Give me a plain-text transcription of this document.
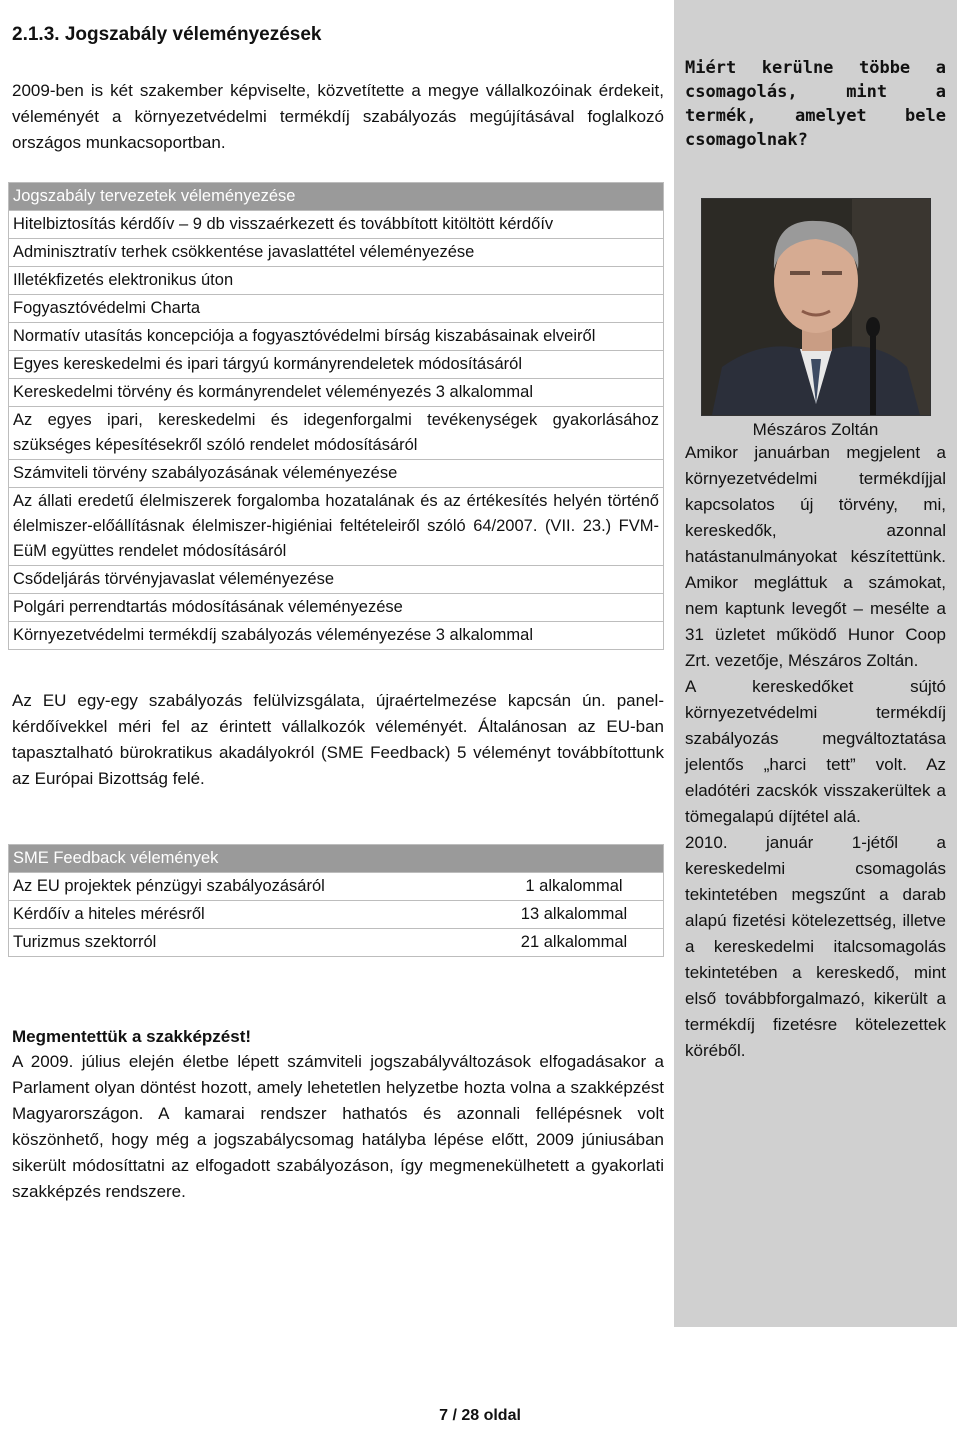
2.1.3. Jogszabály véleményezések

2009-ben is két szakember képviselte, közvetítette a megye vállalkozóinak érdekeit, véleményét a környezetvédelmi termékdíj szabályozás megújításával foglalkozó országos munkacsoportban.

Jogszabály tervezetek véleményezése
Hitelbiztosítás kérdőív – 9 db visszaérkezett és továbbított kitöltött kérdőív
Adminisztratív terhek csökkentése javaslattétel véleményezése
Illetékfizetés elektronikus úton
Fogyasztóvédelmi Charta
Normatív utasítás koncepciója a fogyasztóvédelmi bírság kiszabásainak elveiről
Egyes kereskedelmi és ipari tárgyú kormányrendeletek módosításáról
Kereskedelmi törvény és kormányrendelet véleményezés 3 alkalommal
Az egyes ipari, kereskedelmi és idegenforgalmi tevékenységek gyakorlásához szükséges képesítésekről szóló rendelet módosításáról
Számviteli törvény szabályozásának véleményezése
Az állati eredetű élelmiszerek forgalomba hozatalának és az értékesítés helyén történő élelmiszer-előállításnak élelmiszer-higiéniai feltételeiről szóló 64/2007. (VII. 23.) FVM-EüM együttes rendelet módosításáról
Csődeljárás törvényjavaslat véleményezése
Polgári perrendtartás módosításának véleményezése
Környezetvédelmi termékdíj szabályozás véleményezése 3 alkalommal

Az EU egy-egy szabályozás felülvizsgálata, újraértelmezése kapcsán ún. panel-kérdőívekkel méri fel az érintett vállalkozók véleményét. Általánosan az EU-ban tapasztalható bürokratikus akadályokról (SME Feedback) 5 véleményt továbbítottunk az Európai Bizottság felé.

SME Feedback vélemények	
Az EU projektek pénzügyi szabályozásáról	1 alkalommal
Kérdőív a hiteles mérésről	13 alkalommal
Turizmus szektorról	21 alkalommal
Megmentettük a szakképzést!

A 2009. július elején életbe lépett számviteli jogszabályváltozások elfogadásakor a Parlament olyan döntést hozott, amely lehetetlen helyzetbe hozta volna a szakképzést Magyarországon. A kamarai rendszer hathatós és azonnali fellépésnek volt köszönhető, hogy még a jogszabálycsomag hatályba lépése előtt, 2009 júniusában sikerült módosíttatni az elfogadott szabályozáson, így megmenekülhetett a gyakorlati szakképzés rendszere.

Miért kerülne többe a csomagolás, mint a termék, amelyet bele csomagolnak?
Mészáros Zoltán

Amikor januárban megjelent a környezetvédelmi termékdíjjal kapcsolatos új törvény, mi, kereskedők, azonnal hatástanulmányokat készítettünk. Amikor megláttuk a számokat, nem kaptunk levegőt – mesélte a 31 üzletet működő Hunor Coop Zrt. vezetője, Mészáros Zoltán.

A kereskedőket sújtó környezetvédelmi termékdíj szabályozás megváltoztatása jelentős „harci tett” volt. Az eladótéri zacskók visszakerültek a tömegalapú díjtétel alá.

2010. január 1-jétől a kereskedelmi csomagolás tekintetében megszűnt a darab alapú fizetési kötelezettség, illetve a kereskedelmi italcsomagolás tekintetében a kereskedő, mint első továbbforgalmazó, kikerült a termékdíj fizetésre kötelezettek köréből.

7 / 28 oldal
